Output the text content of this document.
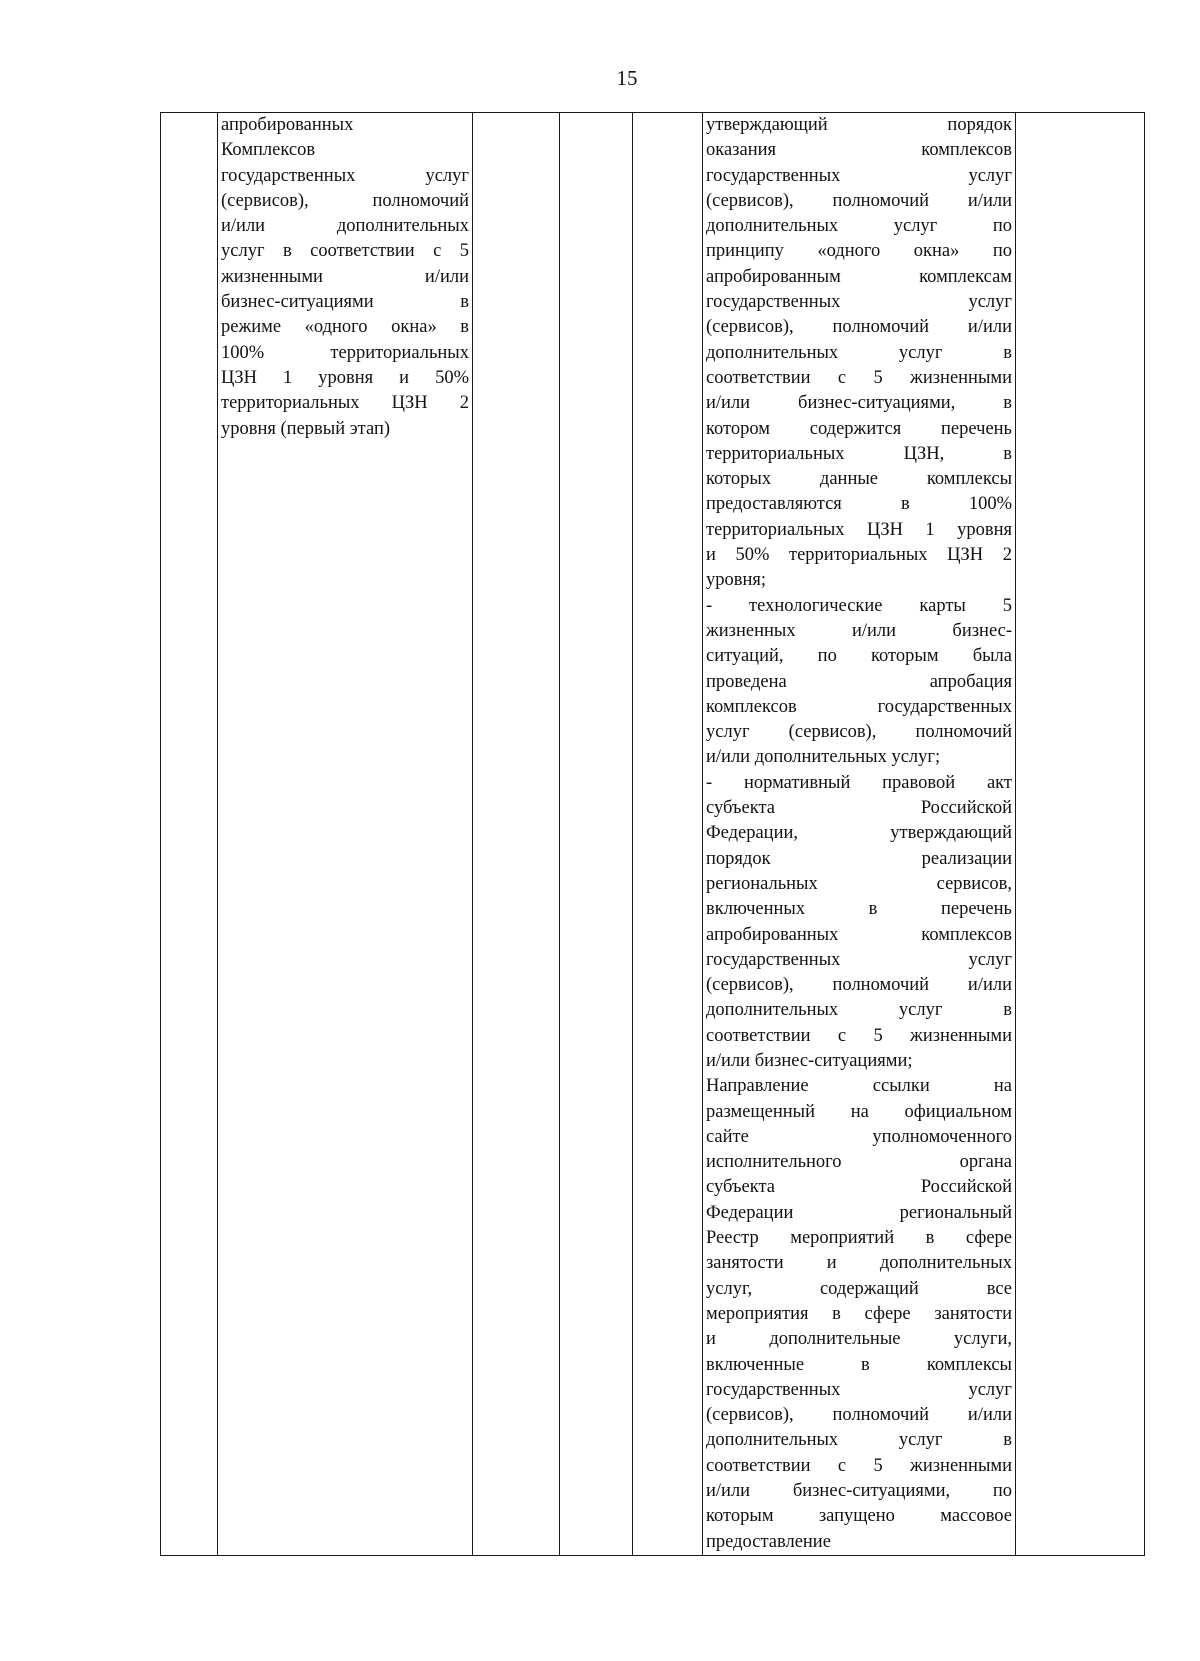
15

апробированных
Комплексов
государственных услуг
(сервисов), полномочий
и/или дополнительных
услуг в соответствии с 5
жизненными и/или
бизнес-ситуациями в
режиме «одного окна» в
100% территориальных
ЦЗН 1 уровня и 50%
территориальных ЦЗН 2
уровня (первый этап)

утверждающий порядок
оказания комплексов
государственных услуг
(сервисов), полномочий и/или
дополнительных услуг по
принципу «одного окна» по
апробированным комплексам
государственных услуг
(сервисов), полномочий и/или
дополнительных услуг в
соответствии с 5 жизненными
и/или бизнес-ситуациями, в
котором содержится перечень
территориальных ЦЗН, в
которых данные комплексы
предоставляются в 100%
территориальных ЦЗН 1 уровня
и 50% территориальных ЦЗН 2
уровня;
- технологические карты 5
жизненных и/или бизнес-
ситуаций, по которым была
проведена апробация
комплексов государственных
услуг (сервисов), полномочий
и/или дополнительных услуг;
- нормативный правовой акт
субъекта Российской
Федерации, утверждающий
порядок реализации
региональных сервисов,
включенных в перечень
апробированных комплексов
государственных услуг
(сервисов), полномочий и/или
дополнительных услуг в
соответствии с 5 жизненными
и/или бизнес-ситуациями;
Направление ссылки на
размещенный на официальном
сайте уполномоченного
исполнительного органа
субъекта Российской
Федерации региональный
Реестр мероприятий в сфере
занятости и дополнительных
услуг, содержащий все
мероприятия в сфере занятости
и дополнительные услуги,
включенные в комплексы
государственных услуг
(сервисов), полномочий и/или
дополнительных услуг в
соответствии с 5 жизненными
и/или бизнес-ситуациями, по
которым запущено массовое
предоставление
